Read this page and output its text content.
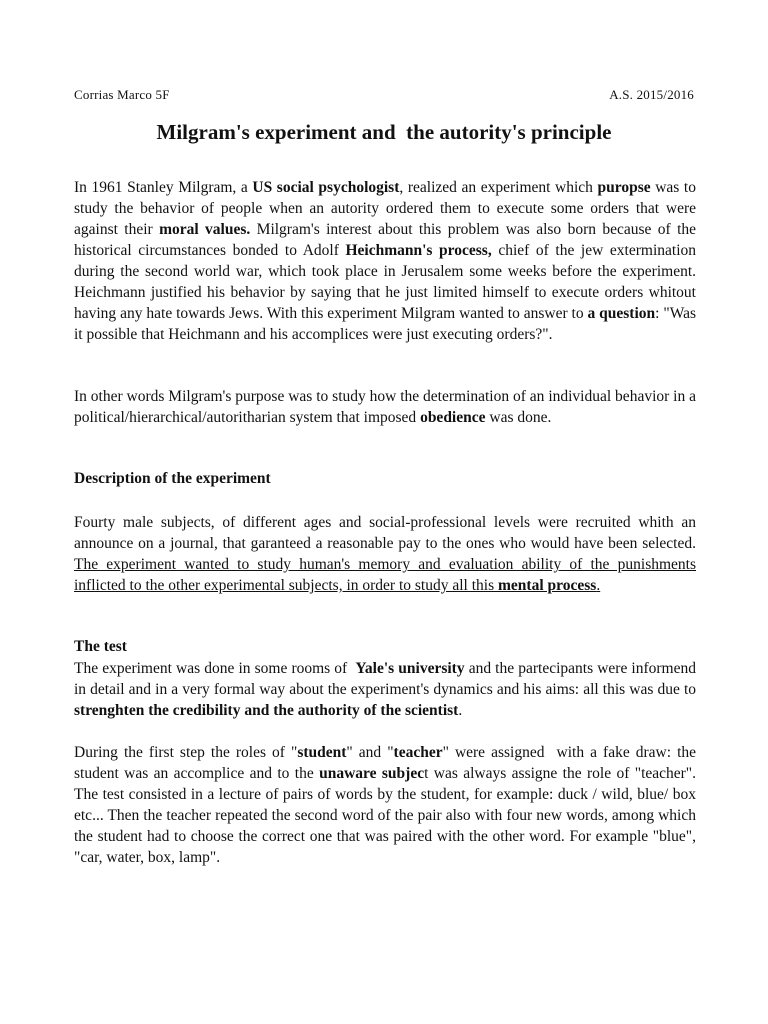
Corrias Marco 5F	A.S. 2015/2016
Milgram's experiment and  the autority's principle

In 1961 Stanley Milgram, a US social psychologist, realized an experiment which puropse was to study the behavior of people when an autority ordered them to execute some orders that were against their moral values. Milgram's interest about this problem was also born because of the historical circumstances bonded to Adolf Heichmann's process, chief of the jew extermination during the second world war, which took place in Jerusalem some weeks before the experiment. Heichmann justified his behavior by saying that he just limited himself to execute orders whitout having any hate towards Jews. With this experiment Milgram wanted to answer to a question: "Was it possible that Heichmann and his accomplices were just executing orders?".

In other words Milgram's purpose was to study how the determination of an individual behavior in a political/hierarchical/autoritharian system that imposed obedience was done.

Description of the experiment

Fourty male subjects, of different ages and social-professional levels were recruited whith an announce on a journal, that garanteed a reasonable pay to the ones who would have been selected. The experiment wanted to study human's memory and evaluation ability of the punishments inflicted to the other experimental subjects, in order to study all this mental process.

The test

The experiment was done in some rooms of  Yale's university and the partecipants were informend in detail and in a very formal way about the experiment's dynamics and his aims: all this was due to strenghten the credibility and the authority of the scientist.

During the first step the roles of "student" and "teacher" were assigned  with a fake draw: the student was an accomplice and to the unaware subject was always assigne the role of "teacher". The test consisted in a lecture of pairs of words by the student, for example: duck / wild, blue/ box etc... Then the teacher repeated the second word of the pair also with four new words, among which the student had to choose the correct one that was paired with the other word. For example "blue", "car, water, box, lamp".
